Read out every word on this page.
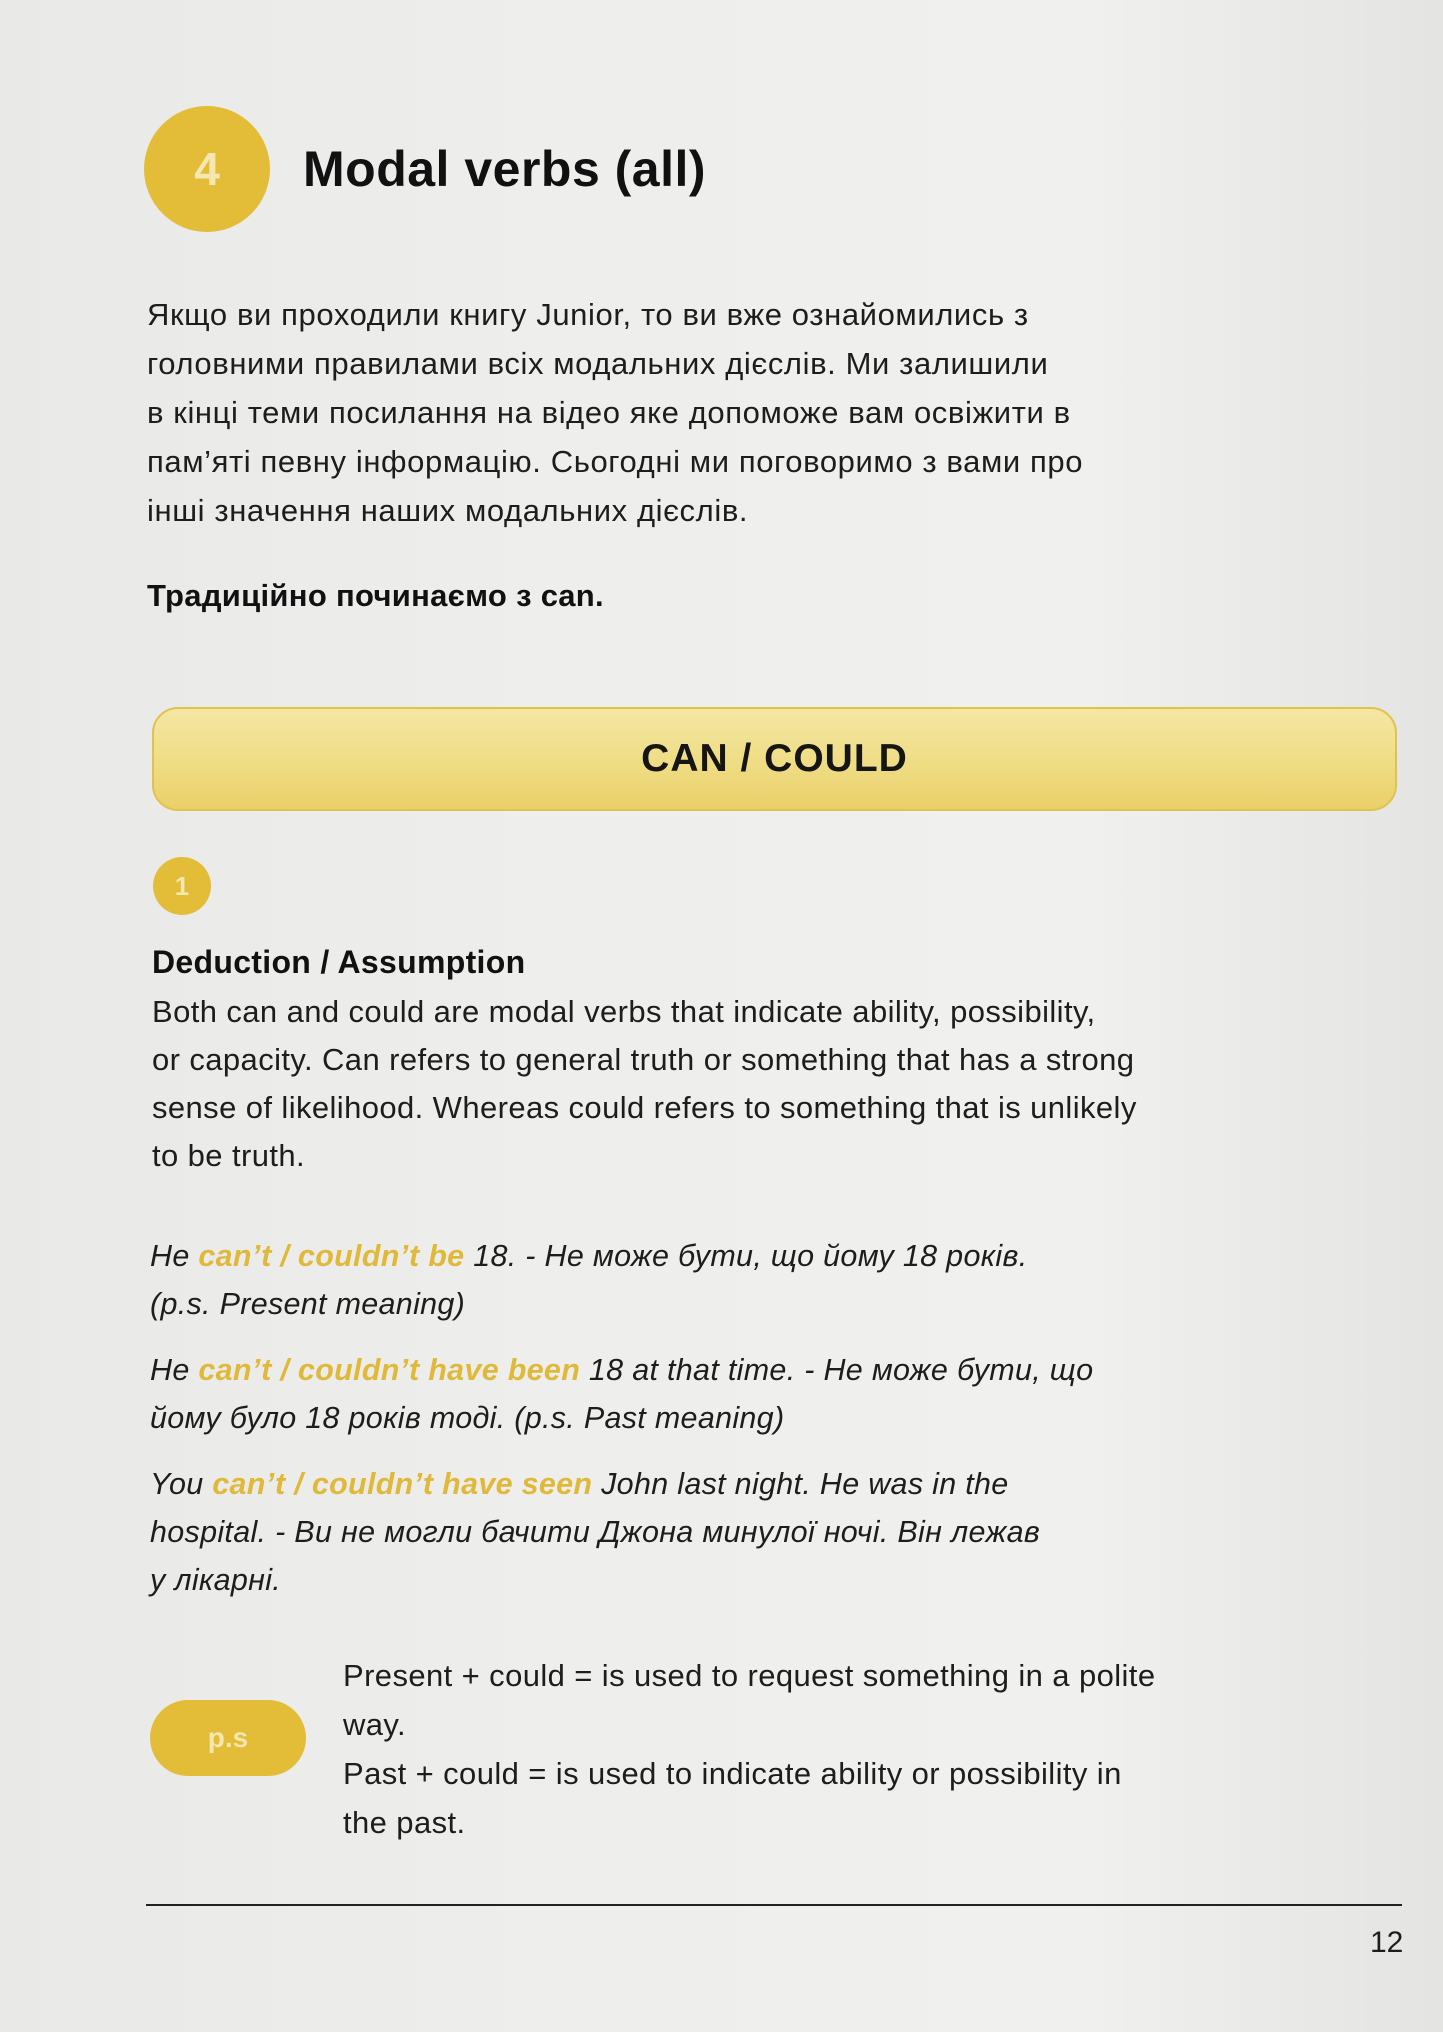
4 Modal verbs (all)

Якщо ви проходили книгу Junior, то ви вже ознайомились з

головними правилами всіх модальних дієслів. Ми залишили

в кінці теми посилання на відео яке допоможе вам освіжити в

пам’яті певну інформацію. Сьогодні ми поговоримо з вами про

інші значення наших модальних дієслів.

Традиційно починаємо з can.
CAN / COULD
1
Deduction / Assumption

Both can and could are modal verbs that indicate ability, possibility,

or capacity. Can refers to general truth or something that has a strong

sense of likelihood. Whereas could refers to something that is unlikely

to be truth.

He can’t / couldn’t be 18. - Не може бути, що йому 18 років.

(p.s. Present meaning)

He can’t / couldn’t have been 18 at that time. - Не може бути, що

йому було 18 років тоді. (p.s. Past meaning)

You can’t / couldn’t have seen John last night. He was in the

hospital. - Ви не могли бачити Джона минулої ночі. Він лежав

у лікарні.

p.s

Present + could = is used to request something in a polite

way.

Past + could = is used to indicate ability or possibility in

the past.

12
